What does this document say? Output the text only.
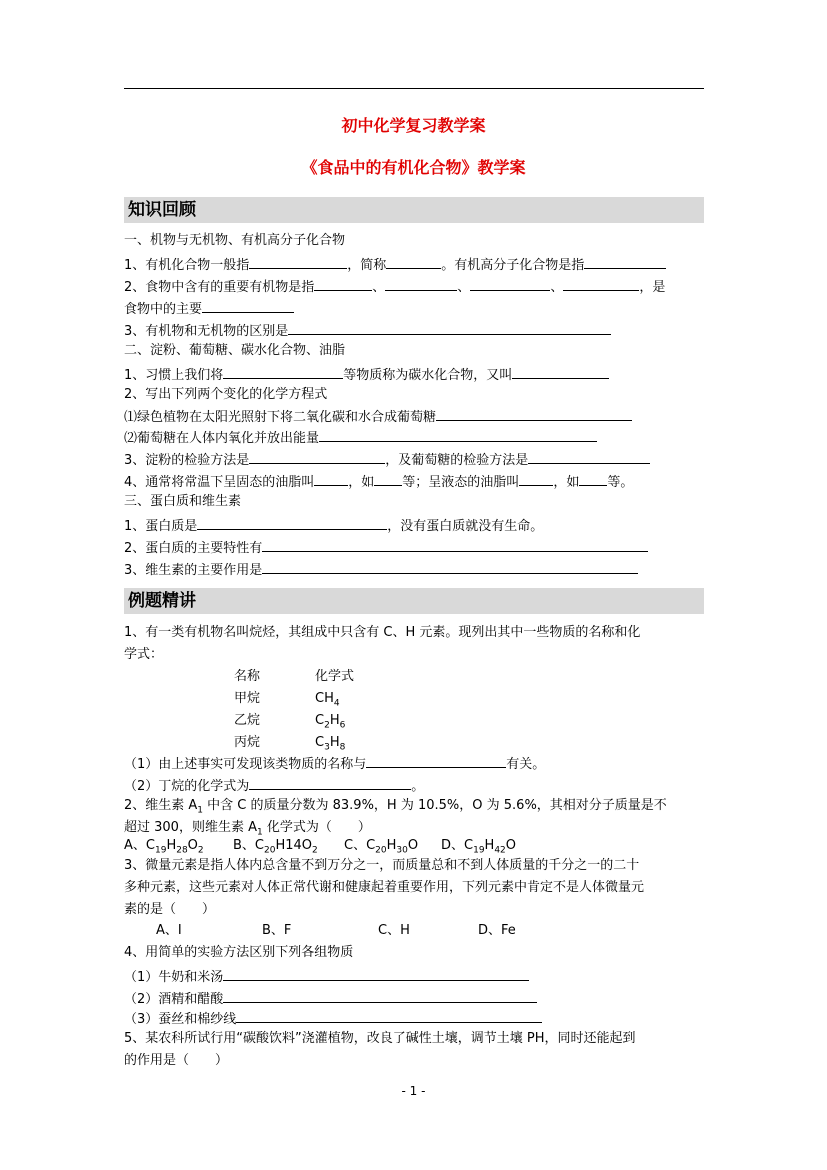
初中化学复习教学案
《食品中的有机化合物》教学案
知识回顾
一、机物与无机物、有机高分子化合物
1、有机化合物一般指	，简称	。有机高分子化合物是指
2、食物中含有的重要有机物是指	、	、	、	，是
食物中的主要
3、有机物和无机物的区别是
二、淀粉、葡萄糖、碳水化合物、油脂
1、习惯上我们将	等物质称为碳水化合物，又叫
2、写出下列两个变化的化学方程式
⑴绿色植物在太阳光照射下将二氧化碳和水合成葡萄糖
⑵葡萄糖在人体内氧化并放出能量
3、淀粉的检验方法是	，及葡萄糖的检验方法是
4、通常将常温下呈固态的油脂叫	，如 等；呈液态的油脂叫	，如 等。
三、蛋白质和维生素
1、蛋白质是	，没有蛋白质就没有生命。
2、蛋白质的主要特性有
3、维生素的主要作用是
例题精讲
1、有一类有机物名叫烷烃，其组成中只含有 C、H 元素。现列出其中一些物质的名称和化
学式：
名称	化学式
甲烷	$CH_4$
乙烷	$C_2H_6$
丙烷	$C_3H_8$
（1）由上述事实可发现该类物质的名称与	有关。
（2）丁烷的化学式为	。
2、维生素 $A_1$ 中含 C 的质量分数为 83.9%，H 为 10.5%，O 为 5.6%，其相对分子质量是不
超过 300，则维生素 $A_1$ 化学式为（　　）
A、$C_{19}H_{28}O_2$ B、$C_{20}H14O_2$ C、$C_{20}H_{30}O$ D、$C_{19}H_{42}O$
3、微量元素是指人体内总含量不到万分之一，而质量总和不到人体质量的千分之一的二十
多种元素，这些元素对人体正常代谢和健康起着重要作用，下列元素中肯定不是人体微量元
素的是（　　）
A、I	B、F	C、H	D、Fe
4、用简单的实验方法区别下列各组物质
（1）牛奶和米汤
（2）酒精和醋酸
（3）蚕丝和棉纱线
5、某农科所试行用“碳酸饮料”浇灌植物，改良了碱性土壤，调节土壤 PH，同时还能起到
的作用是（　　）
- 1 -
